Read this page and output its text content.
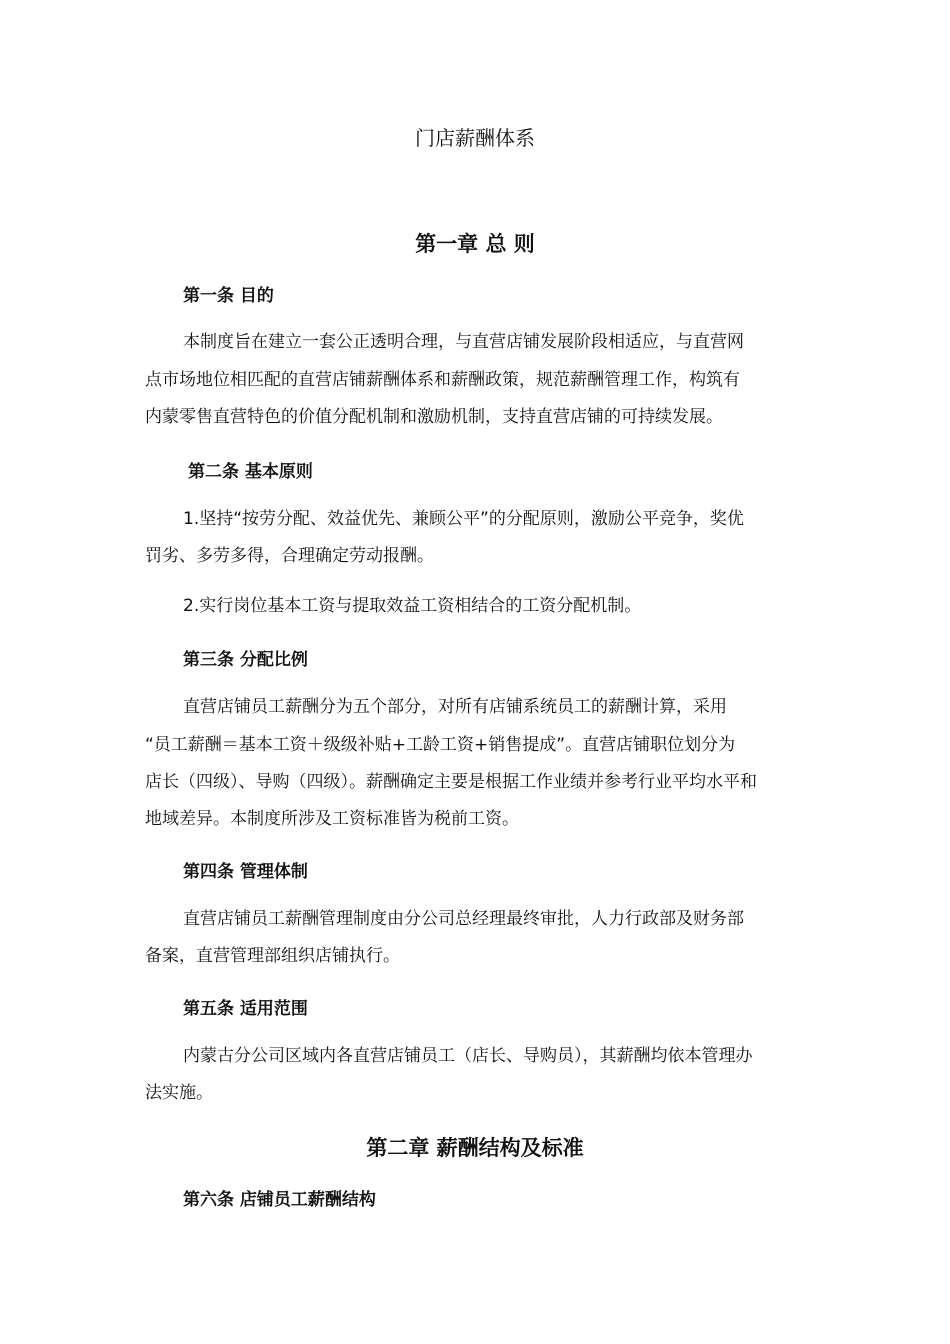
门店薪酬体系
第一章 总 则
第一条 目的
本制度旨在建立一套公正透明合理，与直营店铺发展阶段相适应，与直营网
点市场地位相匹配的直营店铺薪酬体系和薪酬政策，规范薪酬管理工作，构筑有
内蒙零售直营特色的价值分配机制和激励机制，支持直营店铺的可持续发展。
第二条 基本原则
1.坚持“按劳分配、效益优先、兼顾公平”的分配原则，激励公平竞争，奖优
罚劣、多劳多得，合理确定劳动报酬。
2.实行岗位基本工资与提取效益工资相结合的工资分配机制。
第三条 分配比例
直营店铺员工薪酬分为五个部分，对所有店铺系统员工的薪酬计算，采用
“员工薪酬＝基本工资＋级级补贴+工龄工资+销售提成”。直营店铺职位划分为
店长（四级）、导购（四级）。薪酬确定主要是根据工作业绩并参考行业平均水平和
地域差异。本制度所涉及工资标准皆为税前工资。
第四条 管理体制
直营店铺员工薪酬管理制度由分公司总经理最终审批，人力行政部及财务部
备案，直营管理部组织店铺执行。
第五条 适用范围
内蒙古分公司区域内各直营店铺员工（店长、导购员），其薪酬均依本管理办
法实施。
第二章 薪酬结构及标准
第六条 店铺员工薪酬结构
